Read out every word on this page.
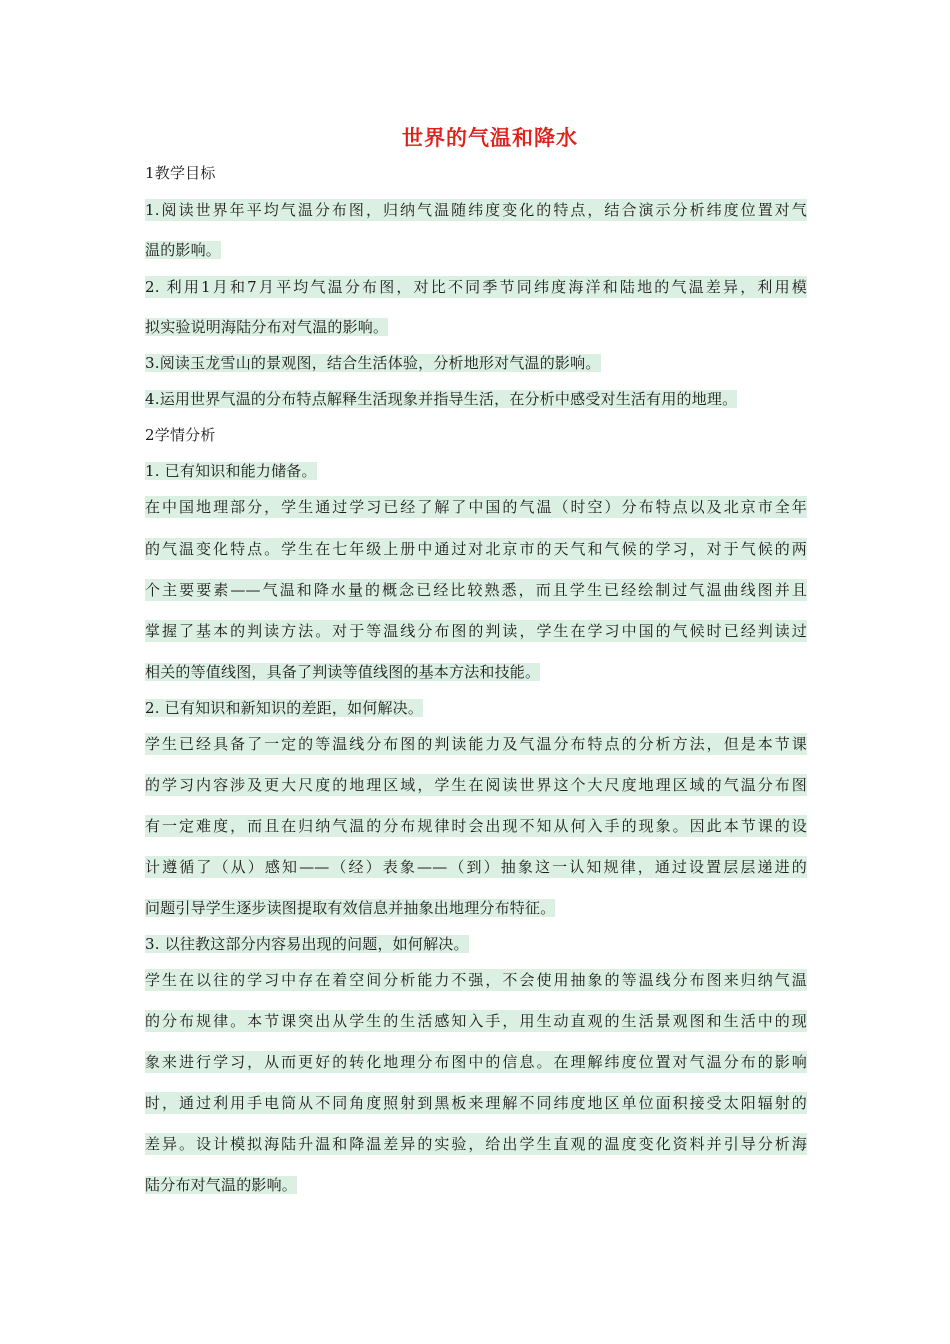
世界的气温和降水
1教学目标
1.阅读世界年平均气温分布图，归纳气温随纬度变化的特点，结合演示分析纬度位置对气
温的影响。
2. 利用1月和7月平均气温分布图，对比不同季节同纬度海洋和陆地的气温差异，利用模
拟实验说明海陆分布对气温的影响。
3.阅读玉龙雪山的景观图，结合生活体验，分析地形对气温的影响。
4.运用世界气温的分布特点解释生活现象并指导生活，在分析中感受对生活有用的地理。
2学情分析
1. 已有知识和能力储备。
在中国地理部分，学生通过学习已经了解了中国的气温（时空）分布特点以及北京市全年
的气温变化特点。学生在七年级上册中通过对北京市的天气和气候的学习，对于气候的两
个主要要素——气温和降水量的概念已经比较熟悉，而且学生已经绘制过气温曲线图并且
掌握了基本的判读方法。对于等温线分布图的判读，学生在学习中国的气候时已经判读过
相关的等值线图，具备了判读等值线图的基本方法和技能。
2. 已有知识和新知识的差距，如何解决。
学生已经具备了一定的等温线分布图的判读能力及气温分布特点的分析方法，但是本节课
的学习内容涉及更大尺度的地理区域，学生在阅读世界这个大尺度地理区域的气温分布图
有一定难度，而且在归纳气温的分布规律时会出现不知从何入手的现象。因此本节课的设
计遵循了（从）感知——（经）表象——（到）抽象这一认知规律，通过设置层层递进的
问题引导学生逐步读图提取有效信息并抽象出地理分布特征。
3. 以往教这部分内容易出现的问题，如何解决。
学生在以往的学习中存在着空间分析能力不强，不会使用抽象的等温线分布图来归纳气温
的分布规律。本节课突出从学生的生活感知入手，用生动直观的生活景观图和生活中的现
象来进行学习，从而更好的转化地理分布图中的信息。在理解纬度位置对气温分布的影响
时，通过利用手电筒从不同角度照射到黑板来理解不同纬度地区单位面积接受太阳辐射的
差异。设计模拟海陆升温和降温差异的实验，给出学生直观的温度变化资料并引导分析海
陆分布对气温的影响。
